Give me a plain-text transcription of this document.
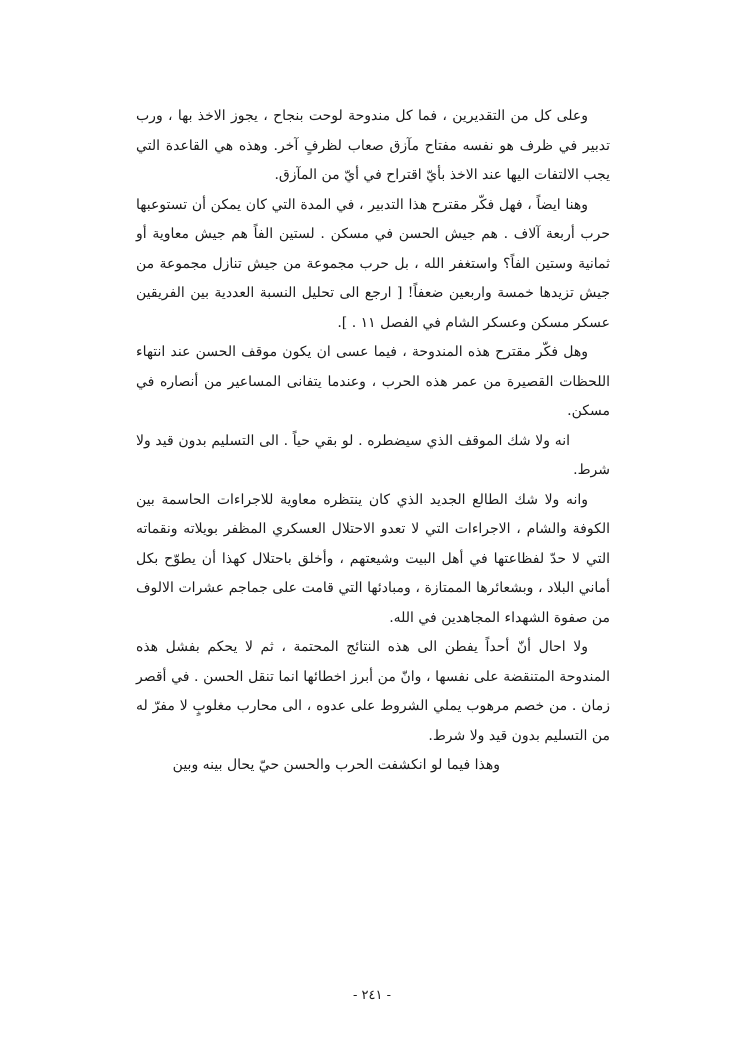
وعلى كل من التقديرين ، فما كل مندوحة لوحت بنجاح ، يجوز الاخذ بها ، ورب تدبير في ظرف هو نفسه مفتاح مآزق صعاب لظرفٍ آخر. وهذه هي القاعدة التي يجب الالتفات اليها عند الاخذ بأيّ اقتراح في أيّ من المآزق.

وهنا ايضاً ، فهل فكّر مقترح هذا التدبير ، في المدة التي كان يمكن أن تستوعبها حرب أربعة آلاف . هم جيش الحسن في مسكن . لستين الفاً هم جيش معاوية أو ثمانية وستين الفاً؟ واستغفر الله ، بل حرب مجموعة من جيش تنازل مجموعة من جيش تزيدها خمسة واربعين ضعفاً! [ ارجع الى تحليل النسبة العددية بين الفريقين عسكر مسكن وعسكر الشام في الفصل ١١ . ].

وهل فكّر مقترح هذه المندوحة ، فيما عسى ان يكون موقف الحسن عند انتهاء اللحظات القصيرة من عمر هذه الحرب ، وعندما يتفانى المساعير من أنصاره في مسكن.

انه ولا شك الموقف الذي سيضطره . لو بقي حياً . الى التسليم بدون قيد ولا شرط.

وانه ولا شك الطالع الجديد الذي كان ينتظره معاوية للاجراءات الحاسمة بين الكوفة والشام ، الاجراءات التي لا تعدو الاحتلال العسكري المظفر بويلاته ونقماته التي لا حدّ لفظاعتها في أهل البيت وشيعتهم ، وأخلق باحتلال كهذا أن يطوّح بكل أماني البلاد ، وبشعائرها الممتازة ، ومبادئها التي قامت على جماجم عشرات الالوف من صفوة الشهداء المجاهدين في الله.

ولا احال أنّ أحداً يفطن الى هذه النتائج المحتمة ، ثم لا يحكم بفشل هذه المندوحة المتنقضة على نفسها ، وانّ من أبرز اخطائها انما تنقل الحسن . في أقصر زمان . من خصم مرهوب يملي الشروط على عدوه ، الى محارب مغلوبٍ لا مفرّ له من التسليم بدون قيد ولا شرط.

وهذا فيما لو انكشفت الحرب والحسن حيّ يحال بينه وبين

- ٢٤١ -
